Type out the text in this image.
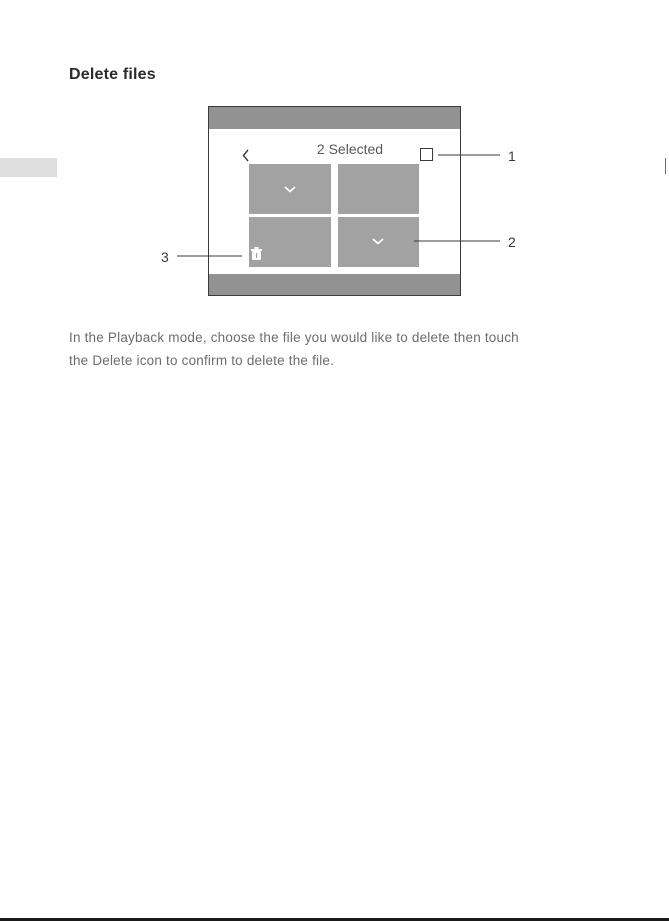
Delete files
2 Selected	1
2
3
In the Playback mode, choose the file you would like to delete then touch
the Delete icon to confirm to delete the file.
